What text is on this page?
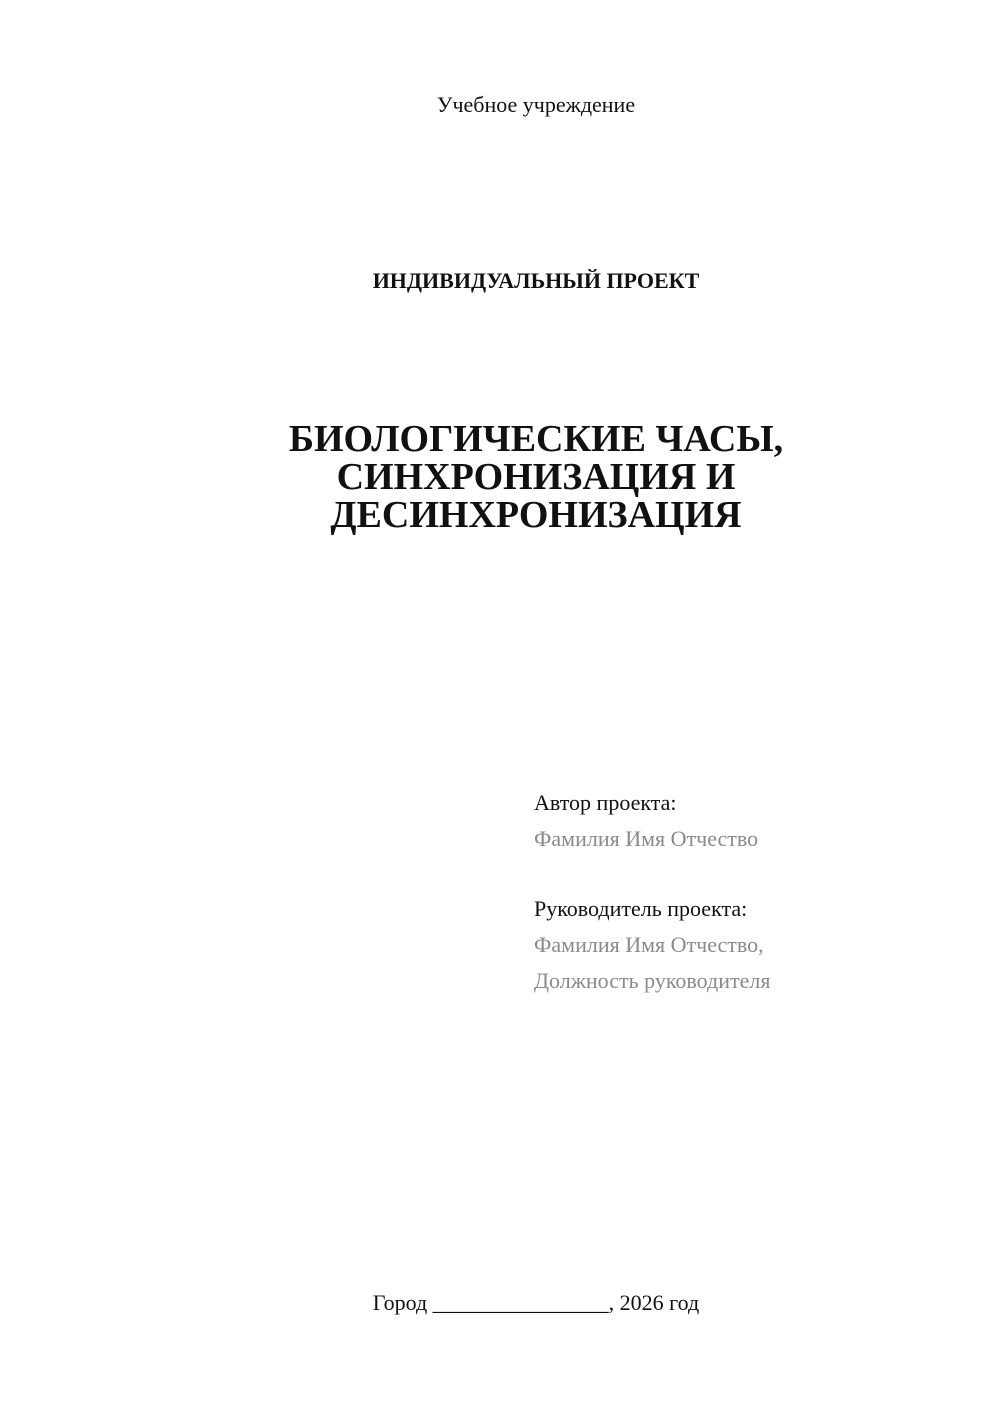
Учебное учреждение
ИНДИВИДУАЛЬНЫЙ ПРОЕКТ
БИОЛОГИЧЕСКИЕ ЧАСЫ,
СИНХРОНИЗАЦИЯ И
ДЕСИНХРОНИЗАЦИЯ
Автор проекта:
Фамилия Имя Отчество
Руководитель проекта:
Фамилия Имя Отчество,
Должность руководителя
Город ________________, 2026 год
